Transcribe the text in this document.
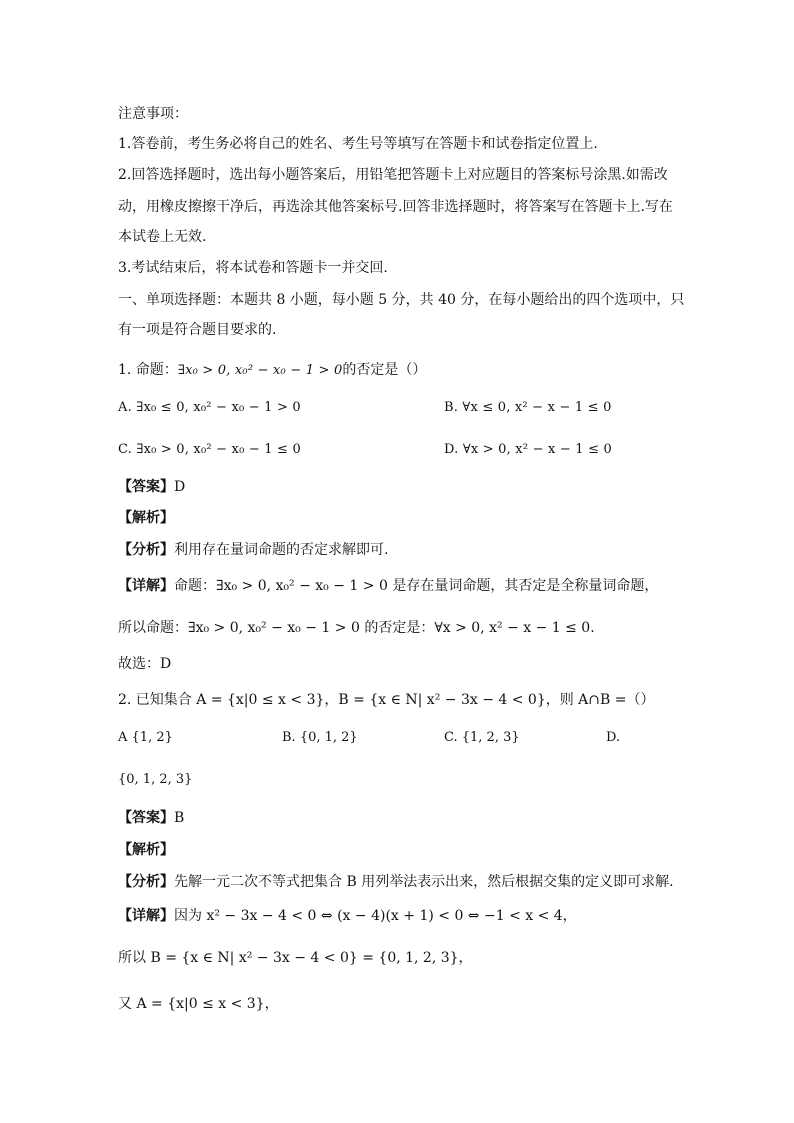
注意事项：
1.答卷前，考生务必将自己的姓名、考生号等填写在答题卡和试卷指定位置上.
2.回答选择题时，选出每小题答案后，用铅笔把答题卡上对应题目的答案标号涂黑.如需改
动，用橡皮擦擦干净后，再选涂其他答案标号.回答非选择题时，将答案写在答题卡上.写在
本试卷上无效.
3.考试结束后，将本试卷和答题卡一并交回.
一、单项选择题：本题共 8 小题，每小题 5 分，共 40 分，在每小题给出的四个选项中，只
有一项是符合题目要求的.
1. 命题：∃x₀ > 0, x₀² − x₀ − 1 > 0的否定是（）
A. ∃x₀ ≤ 0, x₀² − x₀ − 1 > 0	B. ∀x ≤ 0, x² − x − 1 ≤ 0
C. ∃x₀ > 0, x₀² − x₀ − 1 ≤ 0	D. ∀x > 0, x² − x − 1 ≤ 0
【答案】D
【解析】
【分析】利用存在量词命题的否定求解即可.
【详解】命题：∃x₀ > 0, x₀² − x₀ − 1 > 0 是存在量词命题，其否定是全称量词命题，
所以命题：∃x₀ > 0, x₀² − x₀ − 1 > 0 的否定是：∀x > 0, x² − x − 1 ≤ 0.
故选：D
2. 已知集合 A = {x|0 ≤ x < 3}，B = {x ∈ N| x² − 3x − 4 < 0}，则 A∩B =（）
A {1, 2}	B. {0, 1, 2}	C. {1, 2, 3}	D.
{0, 1, 2, 3}
【答案】B
【解析】
【分析】先解一元二次不等式把集合 B 用列举法表示出来，然后根据交集的定义即可求解.
【详解】因为 x² − 3x − 4 < 0 ⇔ (x − 4)(x + 1) < 0 ⇔ −1 < x < 4，
所以 B = {x ∈ N| x² − 3x − 4 < 0} = {0, 1, 2, 3}，
又 A = {x|0 ≤ x < 3}，
